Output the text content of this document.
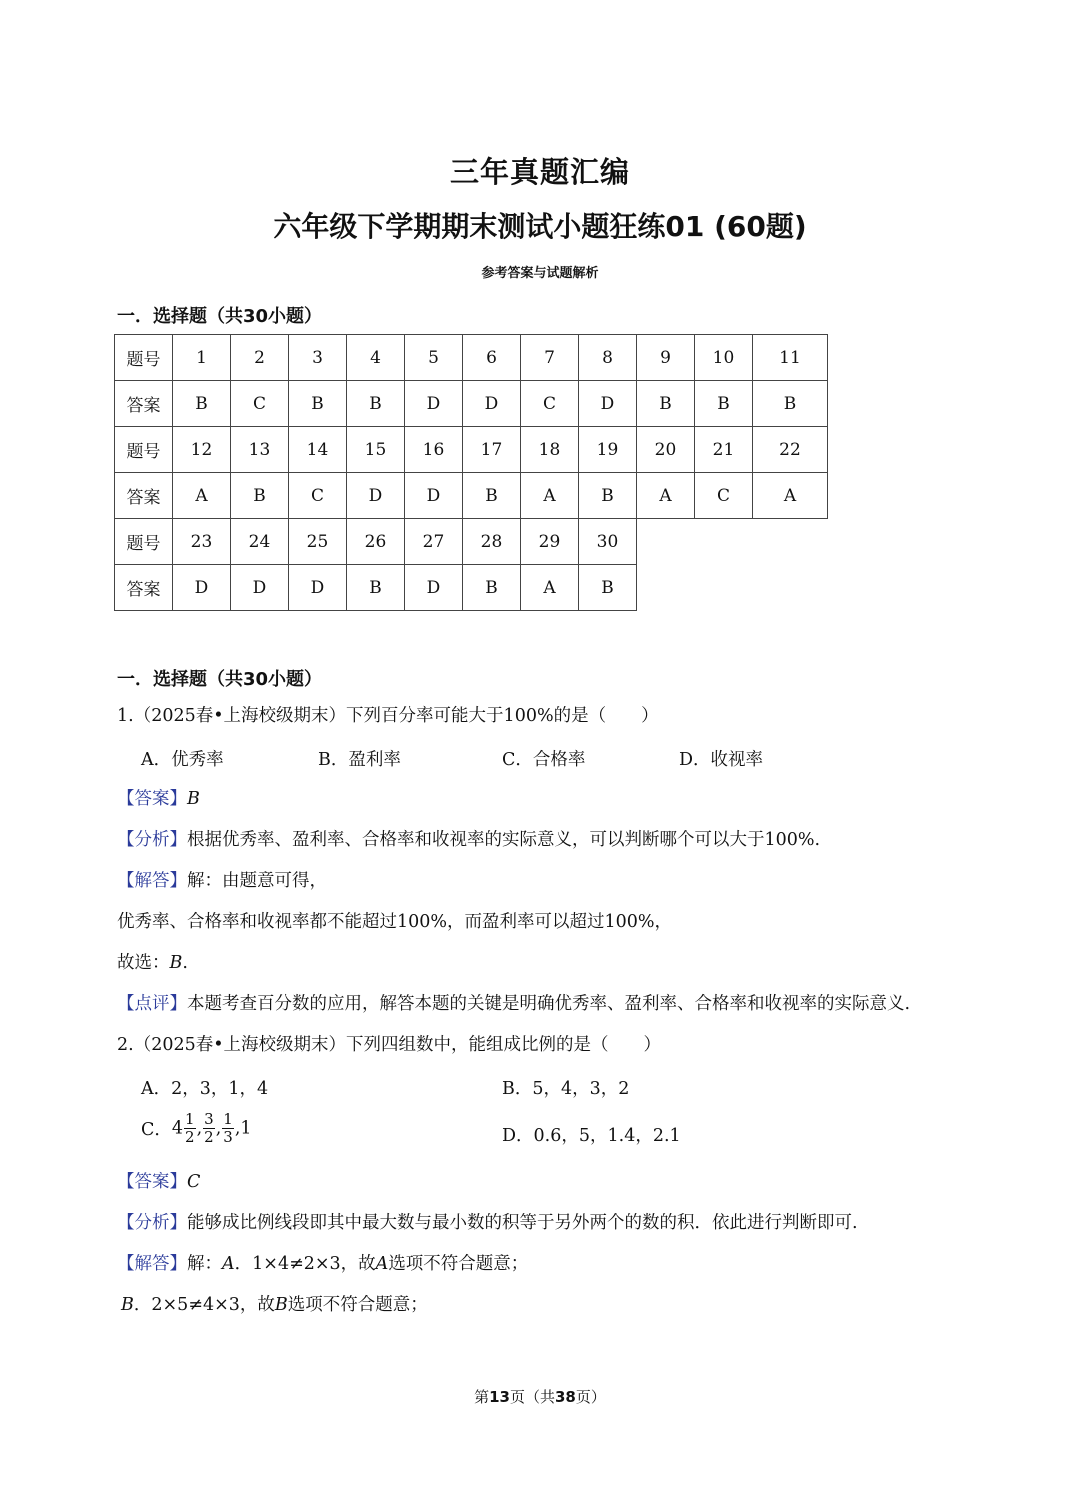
三年真题汇编
六年级下学期期末测试小题狂练01 (60题)
参考答案与试题解析
一．选择题（共30小题）
题号	1	2	3	4	5	6	7	8	9	10	11
答案	B	C	B	B	D	D	C	D	B	B	B
题号	12	13	14	15	16	17	18	19	20	21	22
答案	A	B	C	D	D	B	A	B	A	C	A
题号	23	24	25	26	27	28	29	30			
答案	D	D	D	B	D	B	A	B			
一．选择题（共30小题）
1.（2025春•上海校级期末）下列百分率可能大于100%的是（　　）
A．优秀率	B．盈利率	C．合格率	D．收视率
【答案】B
【分析】根据优秀率、盈利率、合格率和收视率的实际意义，可以判断哪个可以大于100%.
【解答】解：由题意可得，
优秀率、合格率和收视率都不能超过100%，而盈利率可以超过100%，
故选：B.
【点评】本题考查百分数的应用，解答本题的关键是明确优秀率、盈利率、合格率和收视率的实际意义.
2.（2025春•上海校级期末）下列四组数中，能组成比例的是（　　）
A．2，3，1，4	B．5，4，3，2
C．$4 \frac{1}{2}$ , $\frac{3}{2}$ , $\frac{1}{3} ,1$	D．0.6，5，1.4，2.1
【答案】C
【分析】能够成比例线段即其中最大数与最小数的积等于另外两个的数的积．依此进行判断即可.
【解答】解：A．1×4≠2×3，故A选项不符合题意；
B．2×5≠4×3，故B选项不符合题意；
第13页（共38页）
